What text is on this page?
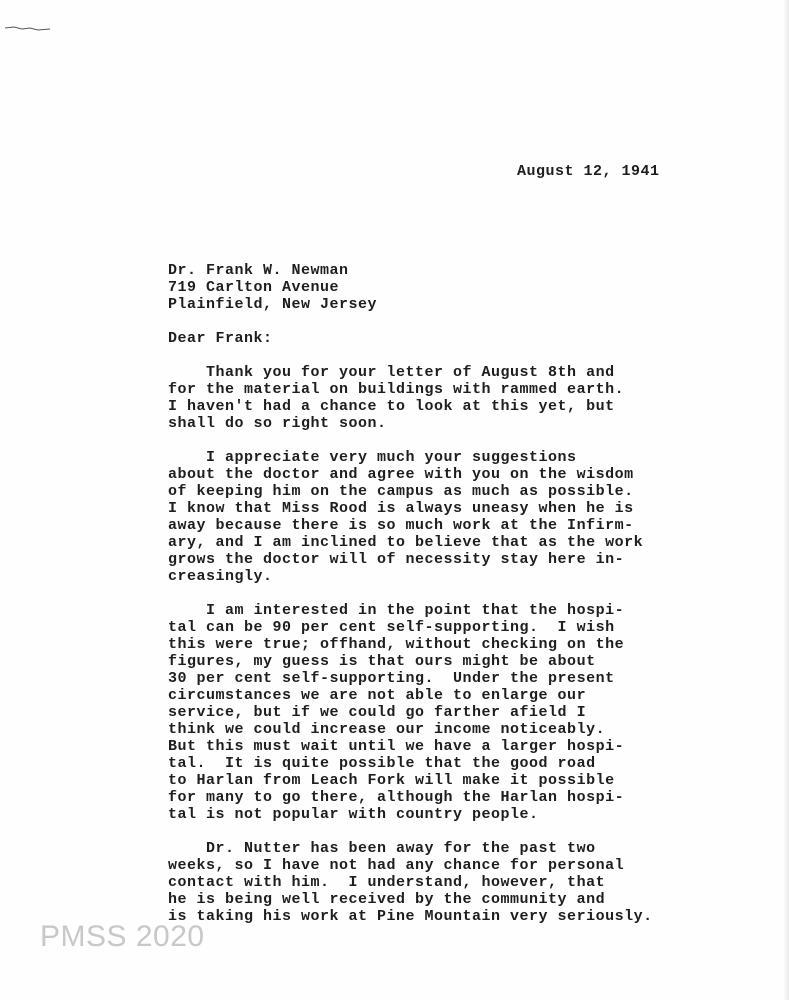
August 12, 1941
Dr. Frank W. Newman
719 Carlton Avenue
Plainfield, New Jersey
Dear Frank:
Thank you for your letter of August 8th and
for the material on buildings with rammed earth.
I haven't had a chance to look at this yet, but
shall do so right soon.
I appreciate very much your suggestions
about the doctor and agree with you on the wisdom
of keeping him on the campus as much as possible.
I know that Miss Rood is always uneasy when he is
away because there is so much work at the Infirm-
ary, and I am inclined to believe that as the work
grows the doctor will of necessity stay here in-
creasingly.
I am interested in the point that the hospi-
tal can be 90 per cent self-supporting.  I wish
this were true; offhand, without checking on the
figures, my guess is that ours might be about
30 per cent self-supporting.  Under the present
circumstances we are not able to enlarge our
service, but if we could go farther afield I
think we could increase our income noticeably.
But this must wait until we have a larger hospi-
tal.  It is quite possible that the good road
to Harlan from Leach Fork will make it possible
for many to go there, although the Harlan hospi-
tal is not popular with country people.
Dr. Nutter has been away for the past two
weeks, so I have not had any chance for personal
contact with him.  I understand, however, that
he is being well received by the community and
is taking his work at Pine Mountain very seriously.
PMSS 2020
